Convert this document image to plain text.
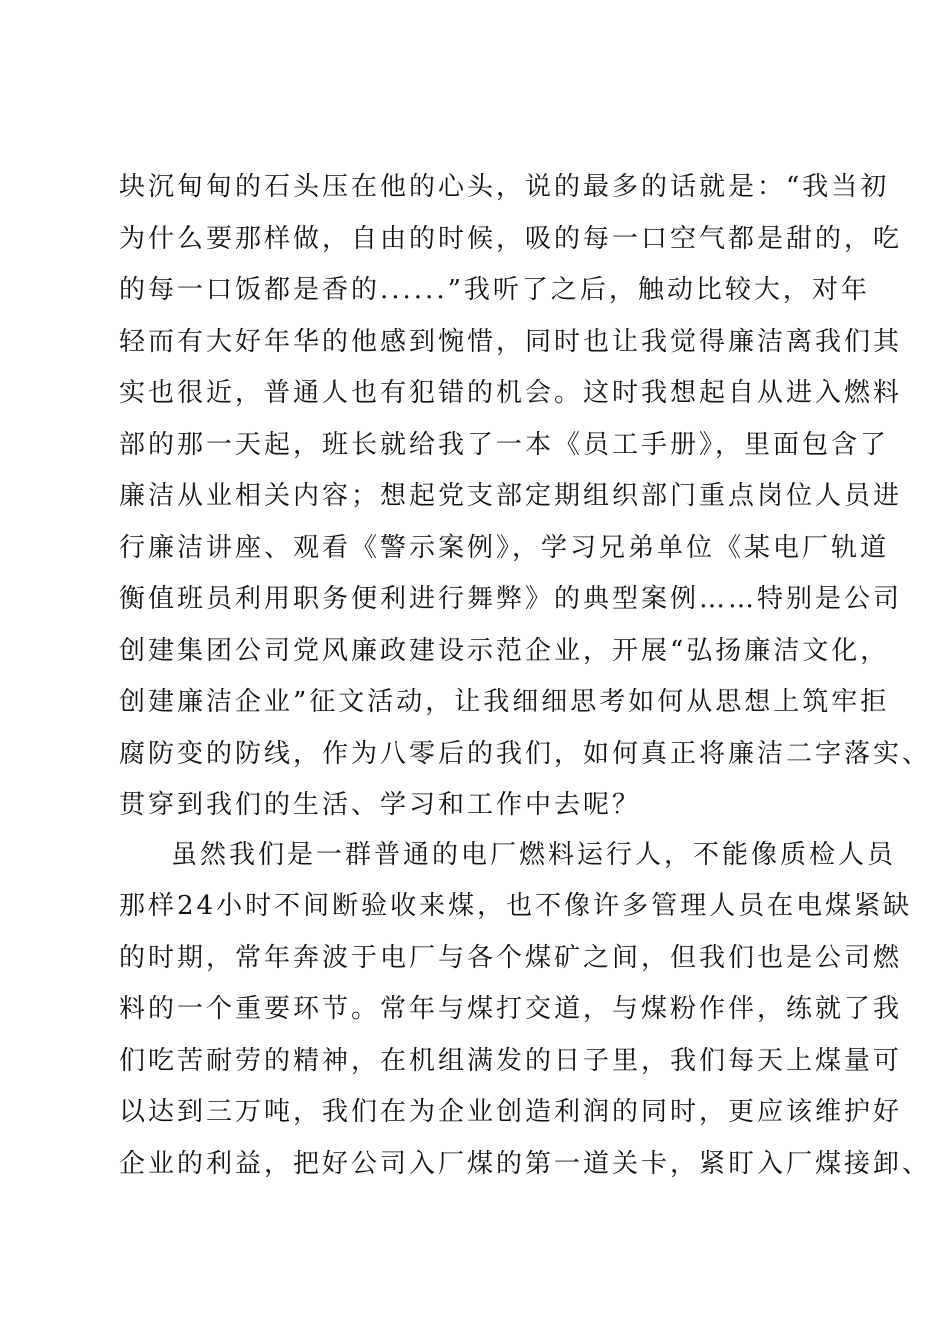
块沉甸甸的石头压在他的心头，说的最多的话就是：“我当初
为什么要那样做，自由的时候，吸的每一口空气都是甜的，吃
的每一口饭都是香的......”我听了之后，触动比较大，对年
轻而有大好年华的他感到惋惜，同时也让我觉得廉洁离我们其
实也很近，普通人也有犯错的机会。这时我想起自从进入燃料
部的那一天起，班长就给我了一本《员工手册》，里面包含了
廉洁从业相关内容；想起党支部定期组织部门重点岗位人员进
行廉洁讲座、观看《警示案例》，学习兄弟单位《某电厂轨道
衡值班员利用职务便利进行舞弊》的典型案例……特别是公司
创建集团公司党风廉政建设示范企业，开展“弘扬廉洁文化，
创建廉洁企业”征文活动，让我细细思考如何从思想上筑牢拒
腐防变的防线，作为八零后的我们，如何真正将廉洁二字落实、
贯穿到我们的生活、学习和工作中去呢？
虽然我们是一群普通的电厂燃料运行人，不能像质检人员
那样24小时不间断验收来煤，也不像许多管理人员在电煤紧缺
的时期，常年奔波于电厂与各个煤矿之间，但我们也是公司燃
料的一个重要环节。常年与煤打交道，与煤粉作伴，练就了我
们吃苦耐劳的精神，在机组满发的日子里，我们每天上煤量可
以达到三万吨，我们在为企业创造利润的同时，更应该维护好
企业的利益，把好公司入厂煤的第一道关卡，紧盯入厂煤接卸、
